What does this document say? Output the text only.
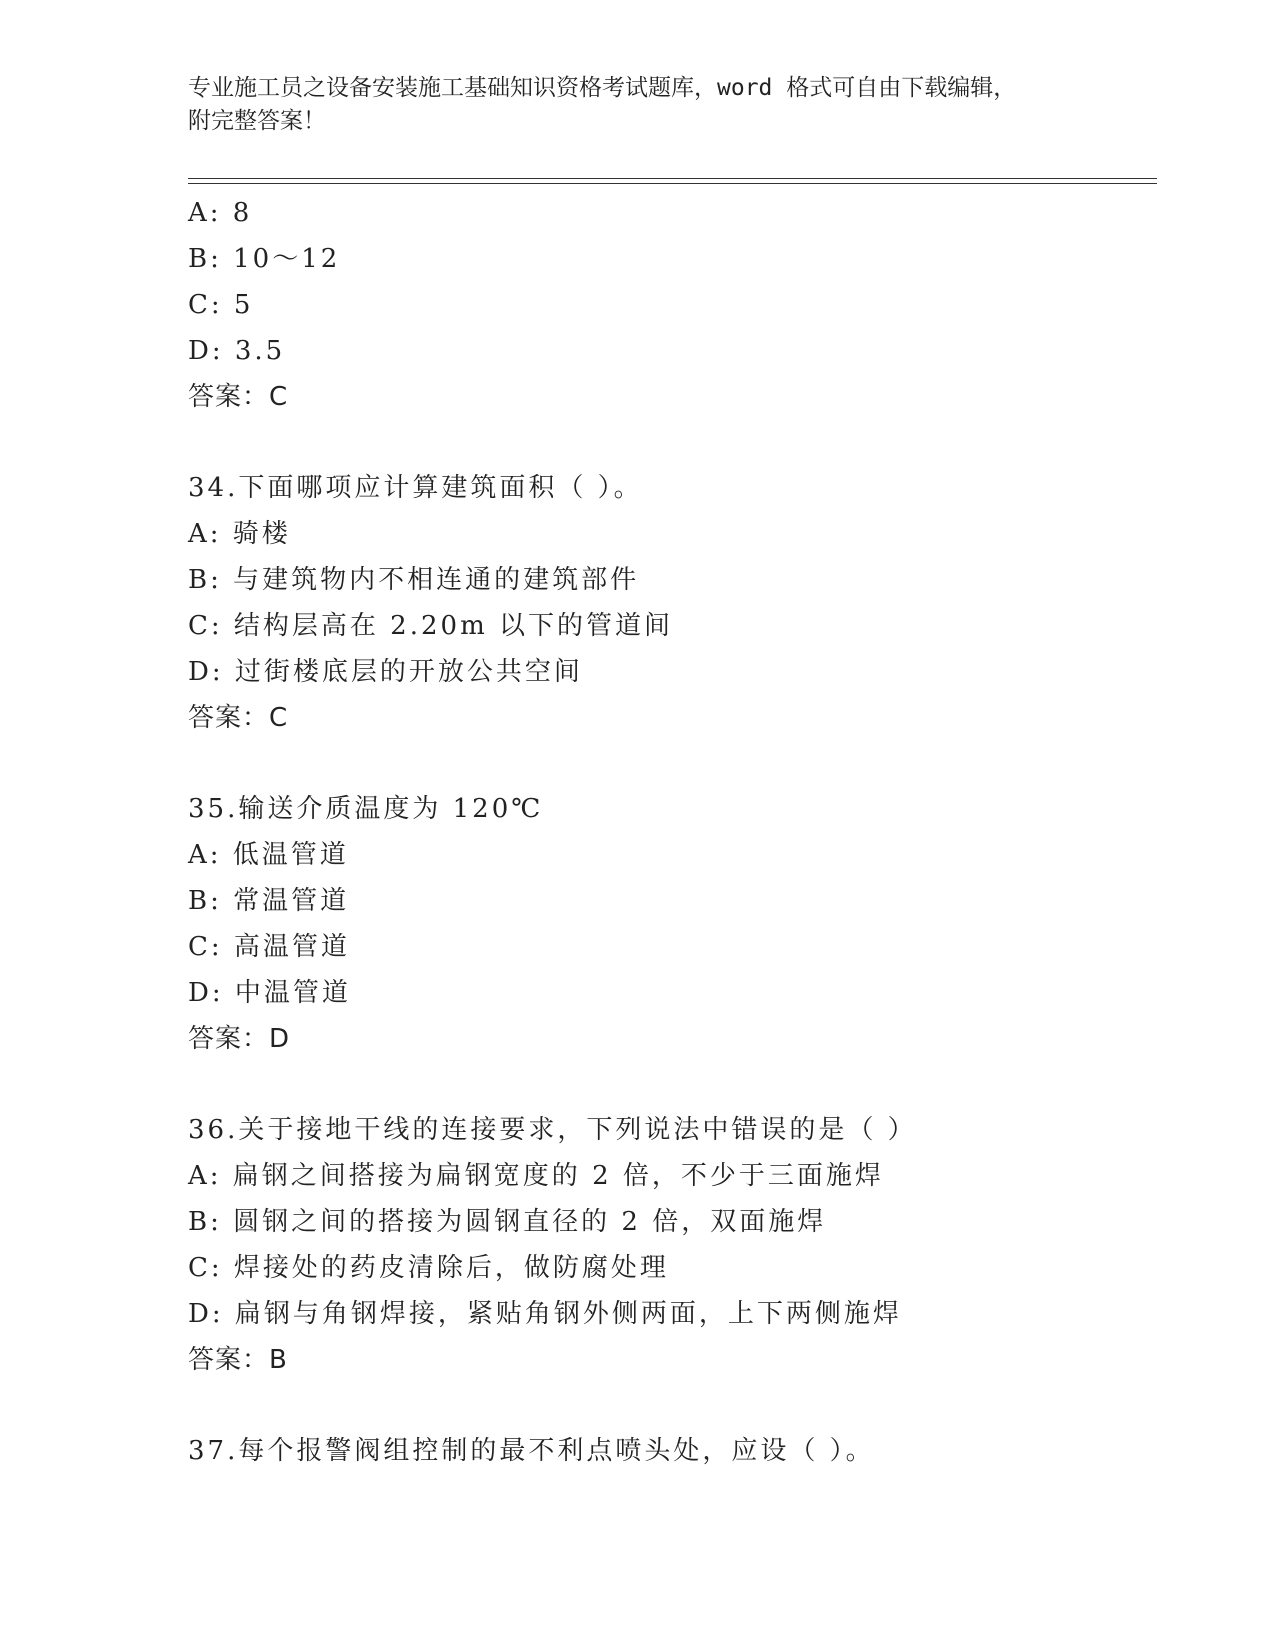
专业施工员之设备安装施工基础知识资格考试题库，word 格式可自由下载编辑，
附完整答案！
A: 8
B: 10～12
C: 5
D: 3.5
答案：C
34.下面哪项应计算建筑面积（ ）。
A: 骑楼
B: 与建筑物内不相连通的建筑部件
C: 结构层高在 2.20m 以下的管道间
D: 过街楼底层的开放公共空间
答案：C
35.输送介质温度为 120℃
A: 低温管道
B: 常温管道
C: 高温管道
D: 中温管道
答案：D
36.关于接地干线的连接要求，下列说法中错误的是（ ）
A: 扁钢之间搭接为扁钢宽度的 2 倍，不少于三面施焊
B: 圆钢之间的搭接为圆钢直径的 2 倍，双面施焊
C: 焊接处的药皮清除后，做防腐处理
D: 扁钢与角钢焊接，紧贴角钢外侧两面，上下两侧施焊
答案：B
37.每个报警阀组控制的最不利点喷头处，应设（ ）。
